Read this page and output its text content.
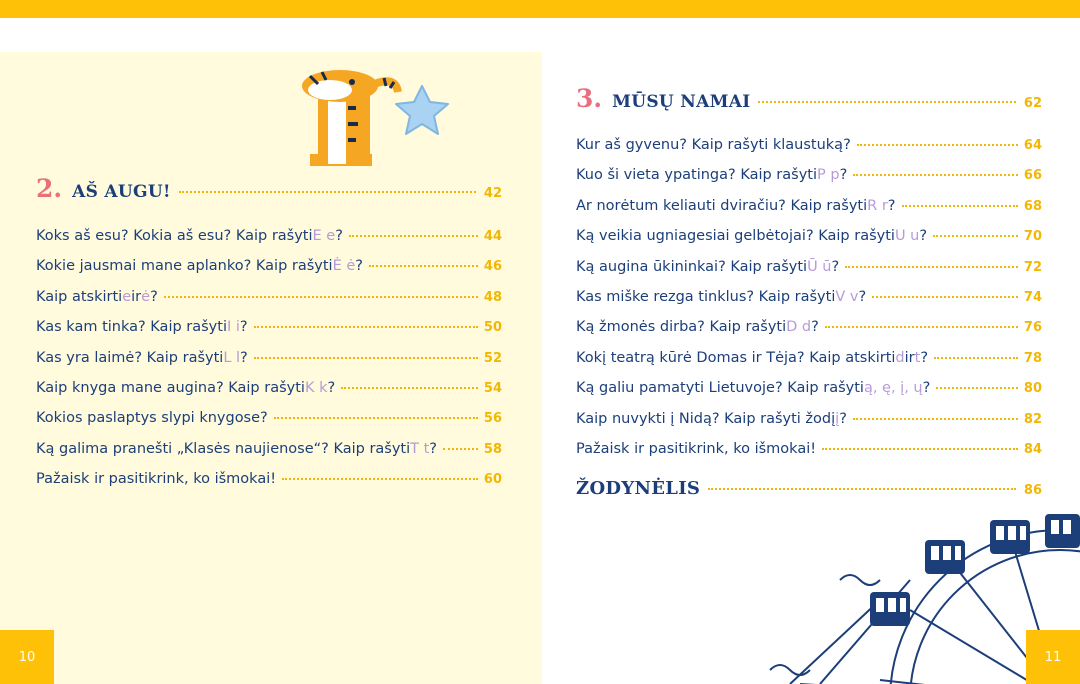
2. AŠ AUGU!	42
Koks aš esu? Kokia aš esu? Kaip rašyti E e ?	44
Kokie jausmai mane aplanko? Kaip rašyti Ė ė ?	46
Kaip atskirti e ir ė ?	48
Kas kam tinka? Kaip rašyti I i ?	50
Kas yra laimė? Kaip rašyti L l ?	52
Kaip knyga mane augina? Kaip rašyti K k ?	54
Kokios paslaptys slypi knygose?	56
Ką galima pranešti „Klasės naujienose“? Kaip rašyti T t ?	58
Pažaisk ir pasitikrink, ko išmokai!	60
3. MŪSŲ NAMAI	62
Kur aš gyvenu? Kaip rašyti klaustuką?	64
Kuo ši vieta ypatinga? Kaip rašyti P p ?	66
Ar norėtum keliauti dviračiu? Kaip rašyti R r ?	68
Ką veikia ugniagesiai gelbėtojai? Kaip rašyti U u ?	70
Ką augina ūkininkai? Kaip rašyti Ū ū ?	72
Kas miške rezga tinklus? Kaip rašyti V v ?	74
Ką žmonės dirba? Kaip rašyti D d ?	76
Kokį teatrą kūrė Domas ir Tėja? Kaip atskirti d ir t ?	78
Ką galiu pamatyti Lietuvoje? Kaip rašyti ą, ę, į, ų ?	80
Kaip nuvykti į Nidą? Kaip rašyti žodį į ?	82
Pažaisk ir pasitikrink, ko išmokai!	84
ŽODYNĖLIS	86
10	11
